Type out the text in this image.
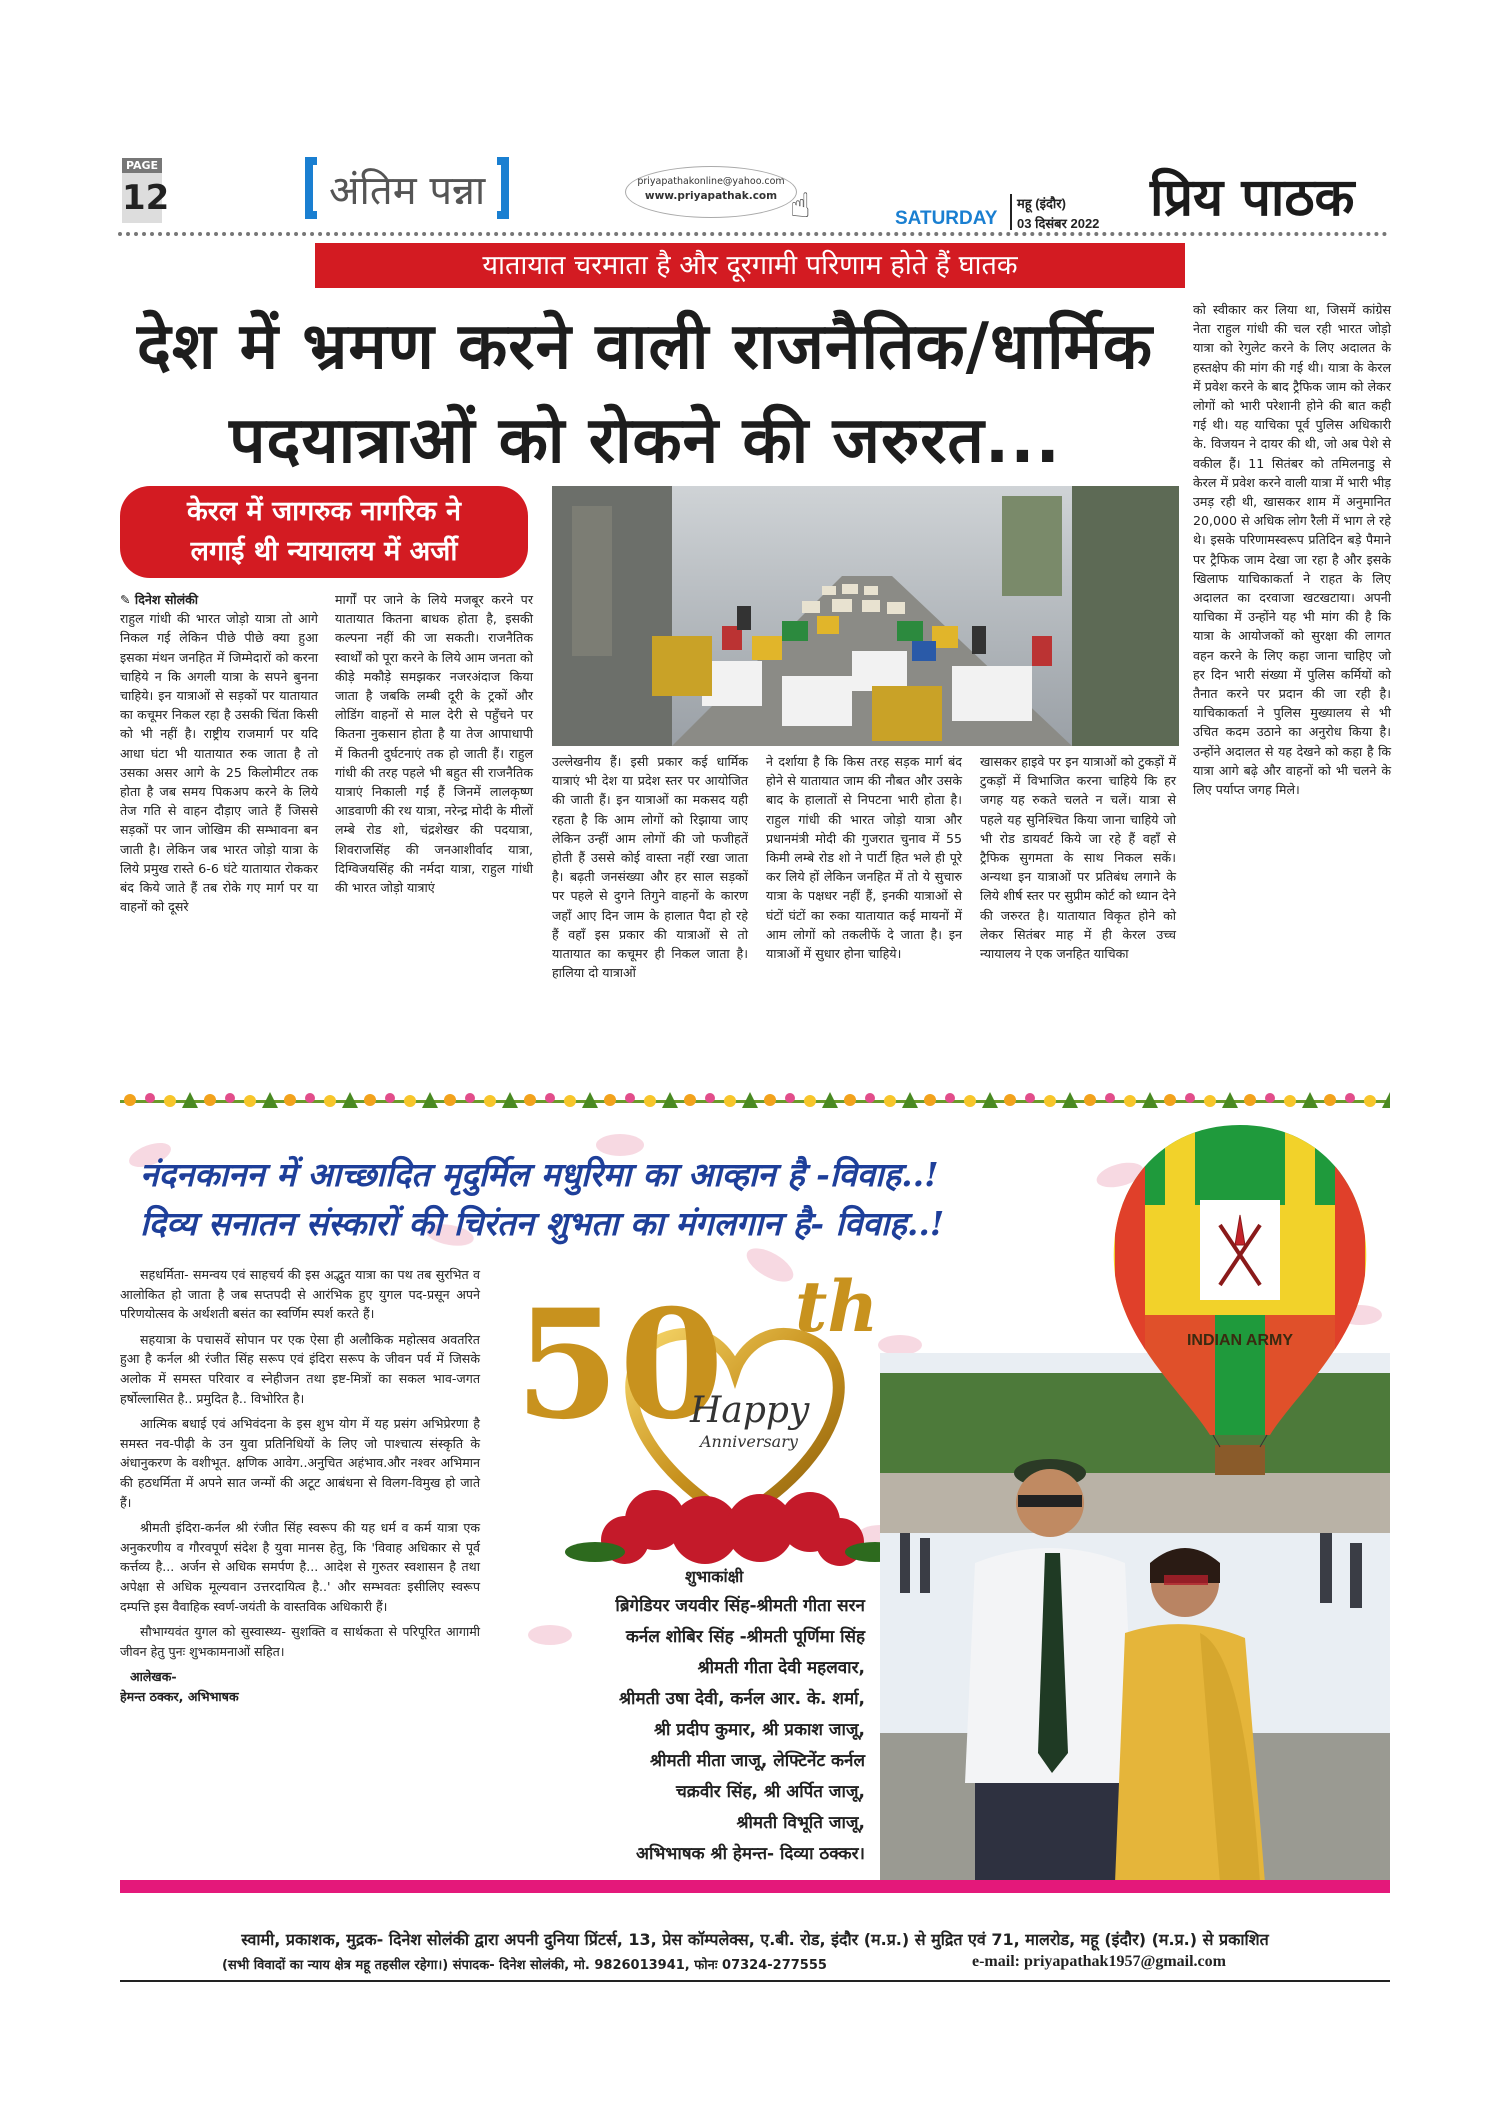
PAGE
12	अंतिम पन्ना	priyapathakonline@yahoo.com
www.priyapathak.com ☝	SATURDAY
महू (इंदौर)
03 दिसंबर 2022 प्रिय पाठक
यातायात चरमाता है और दूरगामी परिणाम होते हैं घातक
देश में भ्रमण करने वाली राजनैतिक/धार्मिक
पदयात्राओं को रोकने की जरुरत...
केरल में जागरुक नागरिक ने
लगाई थी न्यायालय में अर्जी
✎ दिनेश सोलंकी

राहुल गांधी की भारत जोड़ो यात्रा तो आगे निकल गई लेकिन पीछे पीछे क्या हुआ इसका मंथन जनहित में जिम्मेदारों को करना चाहिये न कि अगली यात्रा के सपने बुनना चाहिये। इन यात्राओं से सड़कों पर यातायात का कचूमर निकल रहा है उसकी चिंता किसी को भी नहीं है। राष्ट्रीय राजमार्ग पर यदि आधा घंटा भी यातायात रुक जाता है तो उसका असर आगे के 25 किलोमीटर तक होता है जब समय पिकअप करने के लिये तेज गति से वाहन दौड़ाए जाते हैं जिससे सड़कों पर जान जोखिम की सम्भावना बन जाती है। लेकिन जब भारत जोड़ो यात्रा के लिये प्रमुख रास्ते 6-6 घंटे यातायात रोककर बंद किये जाते हैं तब रोके गए मार्ग पर या वाहनों को दूसरे

मार्गों पर जाने के लिये मजबूर करने पर यातायात कितना बाधक होता है, इसकी कल्पना नहीं की जा सकती। राजनैतिक स्वार्थों को पूरा करने के लिये आम जनता को कीड़े मकौड़े समझकर नजरअंदाज किया जाता है जबकि लम्बी दूरी के ट्रकों और लोडिंग वाहनों से माल देरी से पहुँचने पर कितना नुकसान होता है या तेज आपाधापी में कितनी दुर्घटनाएं तक हो जाती हैं। राहुल गांधी की तरह पहले भी बहुत सी राजनैतिक यात्राएं निकाली गईं हैं जिनमें लालकृष्ण आडवाणी की रथ यात्रा, नरेन्द्र मोदी के मीलों लम्बे रोड शो, चंद्रशेखर की पदयात्रा, शिवराजसिंह की जनआशीर्वाद यात्रा, दिग्विजयसिंह की नर्मदा यात्रा, राहुल गांधी की भारत जोड़ो यात्राएं

उल्लेखनीय हैं। इसी प्रकार कई धार्मिक यात्राएं भी देश या प्रदेश स्तर पर आयोजित की जाती हैं। इन यात्राओं का मकसद यही रहता है कि आम लोगों को रिझाया जाए लेकिन उन्हीं आम लोगों की जो फजीहतें होती हैं उससे कोई वास्ता नहीं रखा जाता है। बढ़ती जनसंख्या और हर साल सड़कों पर पहले से दुगने तिगुने वाहनों के कारण जहाँ आए दिन जाम के हालात पैदा हो रहे हैं वहाँ इस प्रकार की यात्राओं से तो यातायात का कचूमर ही निकल जाता है। हालिया दो यात्राओं

ने दर्शाया है कि किस तरह सड़क मार्ग बंद होने से यातायात जाम की नौबत और उसके बाद के हालातों से निपटना भारी होता है। राहुल गांधी की भारत जोड़ो यात्रा और प्रधानमंत्री मोदी की गुजरात चुनाव में 55 किमी लम्बे रोड शो ने पार्टी हित भले ही पूरे कर लिये हों लेकिन जनहित में तो ये सुचारु यात्रा के पक्षधर नहीं हैं, इनकी यात्राओं से घंटों घंटों का रुका यातायात कई मायनों में आम लोगों को तकलीफें दे जाता है। इन यात्राओं में सुधार होना चाहिये।

खासकर हाइवे पर इन यात्राओं को टुकड़ों में टुकड़ों में विभाजित करना चाहिये कि हर जगह यह रुकते चलते न चलें। यात्रा से पहले यह सुनिश्चित किया जाना चाहिये जो भी रोड डायवर्ट किये जा रहे हैं वहाँ से ट्रैफिक सुगमता के साथ निकल सकें। अन्यथा इन यात्राओं पर प्रतिबंध लगाने के लिये शीर्ष स्तर पर सुप्रीम कोर्ट को ध्यान देने की जरुरत है। यातायात विकृत होने को लेकर सितंबर माह में ही केरल उच्च न्यायालय ने एक जनहित याचिका

को स्वीकार कर लिया था, जिसमें कांग्रेस नेता राहुल गांधी की चल रही भारत जोड़ो यात्रा को रेगुलेट करने के लिए अदालत के हस्तक्षेप की मांग की गई थी। यात्रा के केरल में प्रवेश करने के बाद ट्रैफिक जाम को लेकर लोगों को भारी परेशानी होने की बात कही गई थी। यह याचिका पूर्व पुलिस अधिकारी के. विजयन ने दायर की थी, जो अब पेशे से वकील हैं। 11 सितंबर को तमिलनाडु से केरल में प्रवेश करने वाली यात्रा में भारी भीड़ उमड़ रही थी, खासकर शाम में अनुमानित 20,000 से अधिक लोग रैली में भाग ले रहे थे। इसके परिणामस्वरूप प्रतिदिन बड़े पैमाने पर ट्रैफिक जाम देखा जा रहा है और इसके खिलाफ याचिकाकर्ता ने राहत के लिए अदालत का दरवाजा खटखटाया। अपनी याचिका में उन्होंने यह भी मांग की है कि यात्रा के आयोजकों को सुरक्षा की लागत वहन करने के लिए कहा जाना चाहिए जो हर दिन भारी संख्या में पुलिस कर्मियों को तैनात करने पर प्रदान की जा रही है। याचिकाकर्ता ने पुलिस मुख्यालय से भी उचित कदम उठाने का अनुरोध किया है। उन्होंने अदालत से यह देखने को कहा है कि यात्रा आगे बढ़े और वाहनों को भी चलने के लिए पर्याप्त जगह मिले।

नंदनकानन में आच्छादित मृदुर्मिल मधुरिमा का आव्हान है -विवाह..!
दिव्य सनातन संस्कारों की चिरंतन शुभता का मंगलगान है- विवाह..!

सहधर्मिता- समन्वय एवं साहचर्य की इस अद्भुत यात्रा का पथ तब सुरभित व आलोकित हो जाता है जब सप्तपदी से आरंभिक हुए युगल पद-प्रसून अपने परिणयोत्सव के अर्थशती बसंत का स्वर्णिम स्पर्श करते हैं।

सहयात्रा के पचासवें सोपान पर एक ऐसा ही अलौकिक महोत्सव अवतरित हुआ है कर्नल श्री रंजीत सिंह सरूप एवं इंदिरा सरूप के जीवन पर्व में जिसके अलोक में समस्त परिवार व स्नेहीजन तथा इष्ट-मित्रों का सकल भाव-जगत हर्षोल्लासित है.. प्रमुदित है.. विभोरित है।

आत्मिक बधाई एवं अभिवंदना के इस शुभ योग में यह प्रसंग अभिप्रेरणा है समस्त नव-पीढ़ी के उन युवा प्रतिनिधियों के लिए जो पाश्चात्य संस्कृति के अंधानुकरण के वशीभूत. क्षणिक आवेग..अनुचित अहंभाव.और नश्वर अभिमान की हठधर्मिता में अपने सात जन्मों की अटूट आबंधना से विलग-विमुख हो जाते हैं।

श्रीमती इंदिरा-कर्नल श्री रंजीत सिंह स्वरूप की यह धर्म व कर्म यात्रा एक अनुकरणीय व गौरवपूर्ण संदेश है युवा मानस हेतु, कि 'विवाह अधिकार से पूर्व कर्त्तव्य है... अर्जन से अधिक समर्पण है... आदेश से गुरुतर स्वशासन है तथा अपेक्षा से अधिक मूल्यवान उत्तरदायित्व है..' और सम्भवतः इसीलिए स्वरूप दम्पत्ति इस वैवाहिक स्वर्ण-जयंती के वास्तविक अधिकारी हैं।

सौभाग्यवंत युगल को सुस्वास्थ्य- सुशक्ति व सार्थकता से परिपूरित आगामी जीवन हेतु पुनः शुभकामनाओं सहित।

आलेखक-
हेमन्त ठक्कर, अभिभाषक
50 th
Happy
Anniversary
शुभाकांक्षी
ब्रिगेडियर जयवीर सिंह-श्रीमती गीता सरन
कर्नल शोबिर सिंह -श्रीमती पूर्णिमा सिंह
श्रीमती गीता देवी महलवार,
श्रीमती उषा देवी, कर्नल आर. के. शर्मा,
श्री प्रदीप कुमार, श्री प्रकाश जाजू,
श्रीमती मीता जाजू, लेफ्टिनेंट कर्नल
चक्रवीर सिंह, श्री अर्पित जाजू,
श्रीमती विभूति जाजू,
अभिभाषक श्री हेमन्त- दिव्या ठक्कर।
INDIAN ARMY
स्वामी, प्रकाशक, मुद्रक- दिनेश सोलंकी द्वारा अपनी दुनिया प्रिंटर्स, 13, प्रेस कॉम्पलेक्स, ए.बी. रोड, इंदौर (म.प्र.) से मुद्रित एवं 71, मालरोड, महू (इंदौर) (म.प्र.) से प्रकाशित
(सभी विवादों का न्याय क्षेत्र महू तहसील रहेगा।) संपादक- दिनेश सोलंकी, मो. 9826013941, फोनः 07324-277555	e-mail: priyapathak1957@gmail.com
